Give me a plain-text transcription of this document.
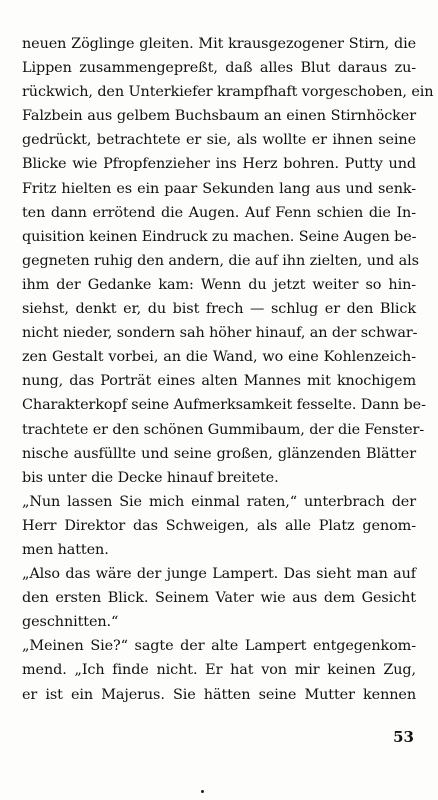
neuen Zöglinge gleiten. Mit krausgezogener Stirn, die
Lippen zusammengepreßt, daß alles Blut daraus zu-
rückwich, den Unterkiefer krampfhaft vorgeschoben, ein
Falzbein aus gelbem Buchsbaum an einen Stirnhöcker
gedrückt, betrachtete er sie, als wollte er ihnen seine
Blicke wie Pfropfenzieher ins Herz bohren. Putty und
Fritz hielten es ein paar Sekunden lang aus und senk-
ten dann errötend die Augen. Auf Fenn schien die In-
quisition keinen Eindruck zu machen. Seine Augen be-
gegneten ruhig den andern, die auf ihn zielten, und als
ihm der Gedanke kam: Wenn du jetzt weiter so hin-
siehst, denkt er, du bist frech — schlug er den Blick
nicht nieder, sondern sah höher hinauf, an der schwar-
zen Gestalt vorbei, an die Wand, wo eine Kohlenzeich-
nung, das Porträt eines alten Mannes mit knochigem
Charakterkopf seine Aufmerksamkeit fesselte. Dann be-
trachtete er den schönen Gummibaum, der die Fenster-
nische ausfüllte und seine großen, glänzenden Blätter
bis unter die Decke hinauf breitete.
„Nun lassen Sie mich einmal raten,“ unterbrach der
Herr Direktor das Schweigen, als alle Platz genom-
men hatten.
„Also das wäre der junge Lampert. Das sieht man auf
den ersten Blick. Seinem Vater wie aus dem Gesicht
geschnitten.“
„Meinen Sie?“ sagte der alte Lampert entgegenkom-
mend. „Ich finde nicht. Er hat von mir keinen Zug,
er ist ein Majerus. Sie hätten seine Mutter kennen
53
